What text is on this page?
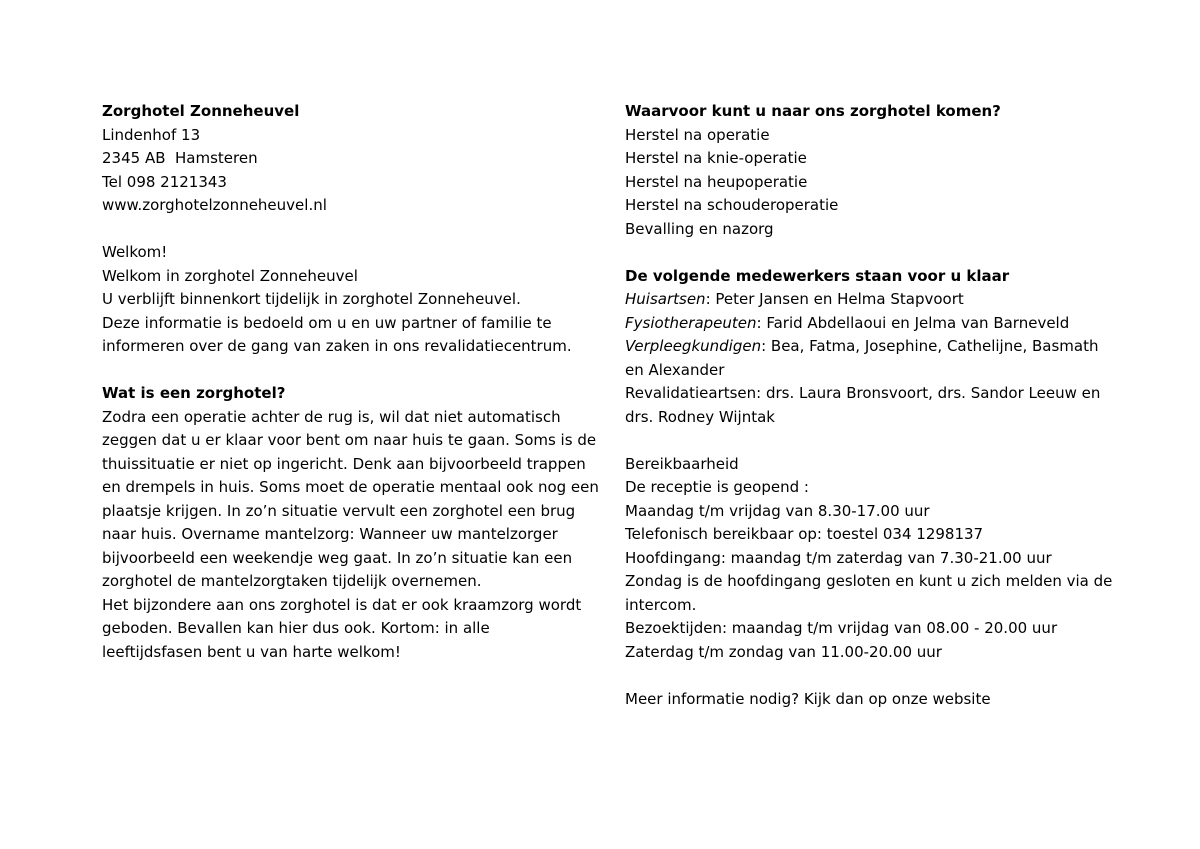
Zorghotel Zonneheuvel
Lindenhof 13
2345 AB  Hamsteren
Tel 098 2121343
www.zorghotelzonneheuvel.nl
Welkom!
Welkom in zorghotel Zonneheuvel
U verblijft binnenkort tijdelijk in zorghotel Zonneheuvel.
Deze informatie is bedoeld om u en uw partner of familie te
informeren over de gang van zaken in ons revalidatiecentrum.
Wat is een zorghotel?
Zodra een operatie achter de rug is, wil dat niet automatisch
zeggen dat u er klaar voor bent om naar huis te gaan. Soms is de
thuissituatie er niet op ingericht. Denk aan bijvoorbeeld trappen
en drempels in huis. Soms moet de operatie mentaal ook nog een
plaatsje krijgen. In zo’n situatie vervult een zorghotel een brug
naar huis. Overname mantelzorg: Wanneer uw mantelzorger
bijvoorbeeld een weekendje weg gaat. In zo’n situatie kan een
zorghotel de mantelzorgtaken tijdelijk overnemen.
Het bijzondere aan ons zorghotel is dat er ook kraamzorg wordt
geboden. Bevallen kan hier dus ook. Kortom: in alle
leeftijdsfasen bent u van harte welkom!
Waarvoor kunt u naar ons zorghotel komen?
Herstel na operatie
Herstel na knie-operatie
Herstel na heupoperatie
Herstel na schouderoperatie
Bevalling en nazorg
De volgende medewerkers staan voor u klaar
Huisartsen: Peter Jansen en Helma Stapvoort
Fysiotherapeuten: Farid Abdellaoui en Jelma van Barneveld
Verpleegkundigen: Bea, Fatma, Josephine, Cathelijne, Basmath
en Alexander
Revalidatieartsen: drs. Laura Bronsvoort, drs. Sandor Leeuw en
drs. Rodney Wijntak
Bereikbaarheid
De receptie is geopend :
Maandag t/m vrijdag van 8.30-17.00 uur
Telefonisch bereikbaar op: toestel 034 1298137
Hoofdingang: maandag t/m zaterdag van 7.30-21.00 uur
Zondag is de hoofdingang gesloten en kunt u zich melden via de
intercom.
Bezoektijden: maandag t/m vrijdag van 08.00 - 20.00 uur
Zaterdag t/m zondag van 11.00-20.00 uur
Meer informatie nodig? Kijk dan op onze website
